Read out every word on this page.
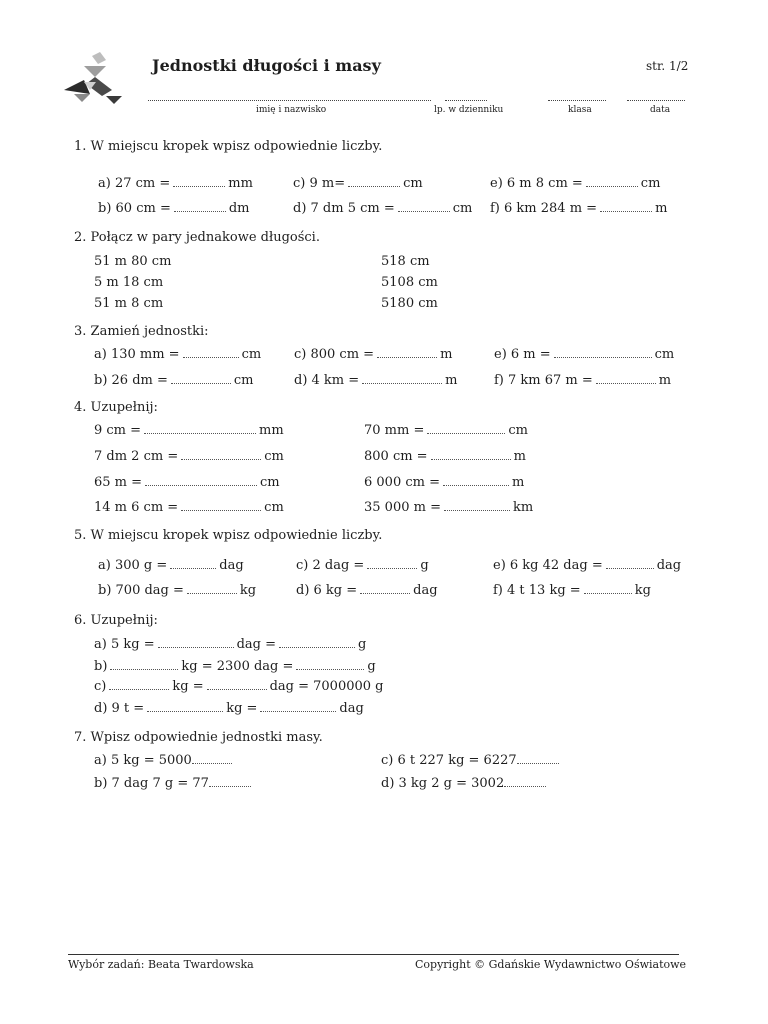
Jednostki długości i masy	str. 1/2
imię i nazwisko	lp. w dzienniku	klasa	data
1. W miejscu kropek wpisz odpowiednie liczby.
a) 27 cm =	mm	c) 9 m=	cm	e) 6 m 8 cm =	cm
b) 60 cm =	dm	d) 7 dm 5 cm =	cm f) 6 km 284 m =	m
2. Połącz w pary jednakowe długości.
51 m 80 cm
5 m 18 cm
51 m 8 cm
518 cm
5108 cm
5180 cm
3. Zamień jednostki:
a) 130 mm =	cm	c) 800 cm =	m	e) 6 m =	cm
b) 26 dm =	cm	d) 4 km =	m	f) 7 km 67 m =	m
4. Uzupełnij:
9 cm =	mm	70 mm =	cm
7 dm 2 cm =	cm	800 cm =	m
65 m =	cm	6 000 cm =	m
14 m 6 cm =	cm	35 000 m =	km
5. W miejscu kropek wpisz odpowiednie liczby.
a) 300 g =	dag	c) 2 dag =	g	e) 6 kg 42 dag =	dag
b) 700 dag =	kg	d) 6 kg =	dag	f) 4 t 13 kg =	kg
6. Uzupełnij:
a) 5 kg =	dag =	g
b)	kg = 2300 dag =	g
c)	kg =	dag = 7000000 g
d) 9 t =	kg =	dag
7. Wpisz odpowiednie jednostki masy.
a) 5 kg = 5000	c) 6 t 227 kg = 6227
b) 7 dag 7 g = 77	d) 3 kg 2 g = 3002
Wybór zadań: Beata Twardowska	Copyright © Gdańskie Wydawnictwo Oświatowe
